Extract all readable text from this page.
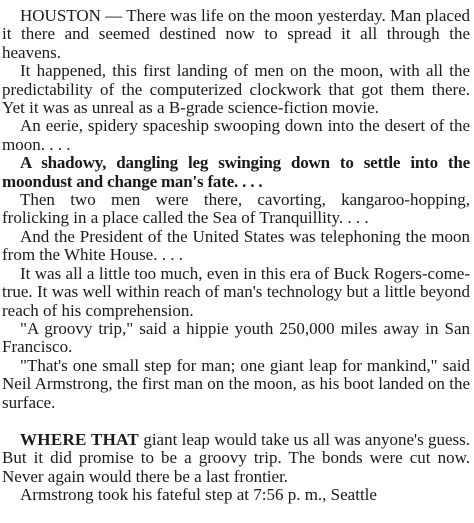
HOUSTON — There was life on the moon yesterday. Man placed it there and seemed destined now to spread it all through the heavens.

It happened, this first landing of men on the moon, with all the predictability of the computerized clockwork that got them there. Yet it was as unreal as a B-grade science-fiction movie.

An eerie, spidery spaceship swooping down into the desert of the moon. . . .

A shadowy, dangling leg swinging down to settle into the moondust and change man's fate. . . .

Then two men were there, cavorting, kangaroo-hopping, frolicking in a place called the Sea of Tranquillity. . . .

And the President of the United States was telephoning the moon from the White House. . . .

It was all a little too much, even in this era of Buck Rogers-come-true. It was well within reach of man's technology but a little beyond reach of his comprehension.

"A groovy trip," said a hippie youth 250,000 miles away in San Francisco.

"That's one small step for man; one giant leap for mankind," said Neil Armstrong, the first man on the moon, as his boot landed on the surface.

WHERE THAT giant leap would take us all was anyone's guess. But it did promise to be a groovy trip. The bonds were cut now. Never again would there be a last frontier.

Armstrong took his fateful step at 7:56 p. m., Seattle
